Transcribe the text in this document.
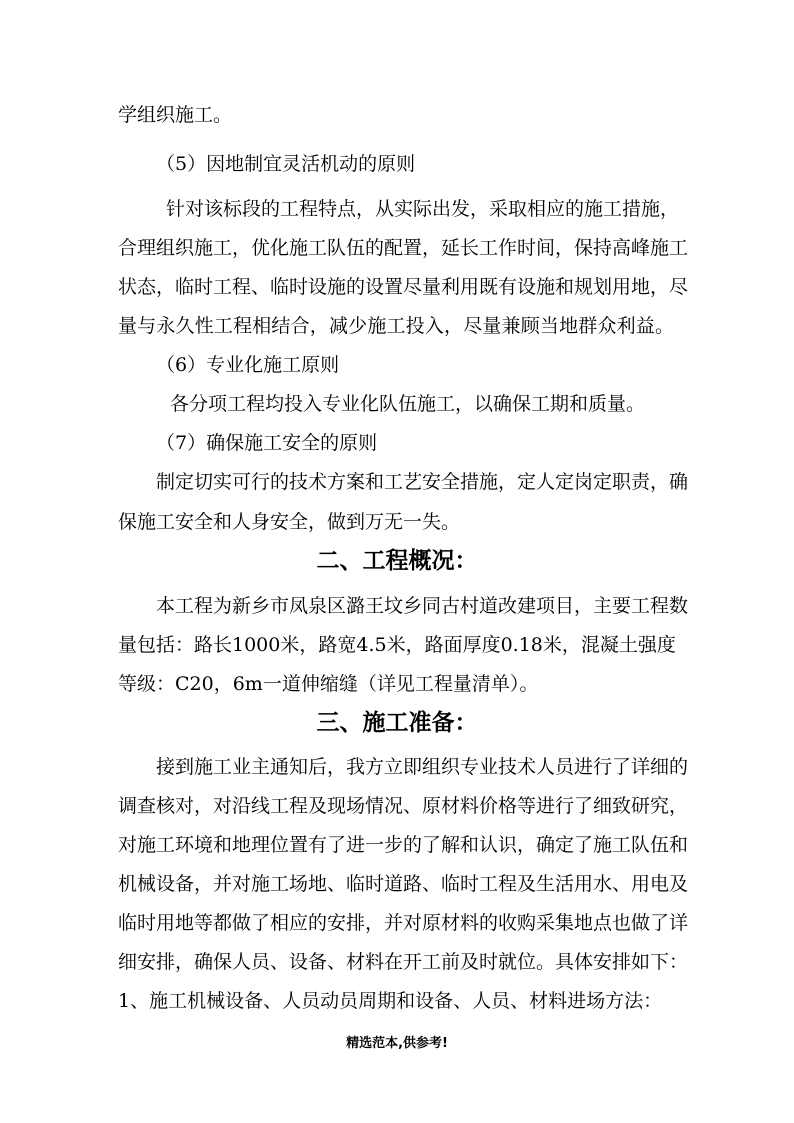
学组织施工。

（5）因地制宜灵活机动的原则

针对该标段的工程特点，从实际出发，采取相应的施工措施，

合理组织施工，优化施工队伍的配置，延长工作时间，保持高峰施工

状态，临时工程、临时设施的设置尽量利用既有设施和规划用地，尽

量与永久性工程相结合，减少施工投入，尽量兼顾当地群众利益。

（6）专业化施工原则

各分项工程均投入专业化队伍施工，以确保工期和质量。

（7）确保施工安全的原则

制定切实可行的技术方案和工艺安全措施，定人定岗定职责，确

保施工安全和人身安全，做到万无一失。

二、工程概况：

本工程为新乡市凤泉区潞王坟乡同古村道改建项目，主要工程数

量包括：路长1000米，路宽4.5米，路面厚度0.18米，混凝土强度

等级：C20，6m一道伸缩缝（详见工程量清单）。

三、施工准备：

接到施工业主通知后，我方立即组织专业技术人员进行了详细的

调查核对，对沿线工程及现场情况、原材料价格等进行了细致研究，

对施工环境和地理位置有了进一步的了解和认识，确定了施工队伍和

机械设备，并对施工场地、临时道路、临时工程及生活用水、用电及

临时用地等都做了相应的安排，并对原材料的收购采集地点也做了详

细安排，确保人员、设备、材料在开工前及时就位。具体安排如下：

1、施工机械设备、人员动员周期和设备、人员、材料进场方法：

精选范本,供参考!
